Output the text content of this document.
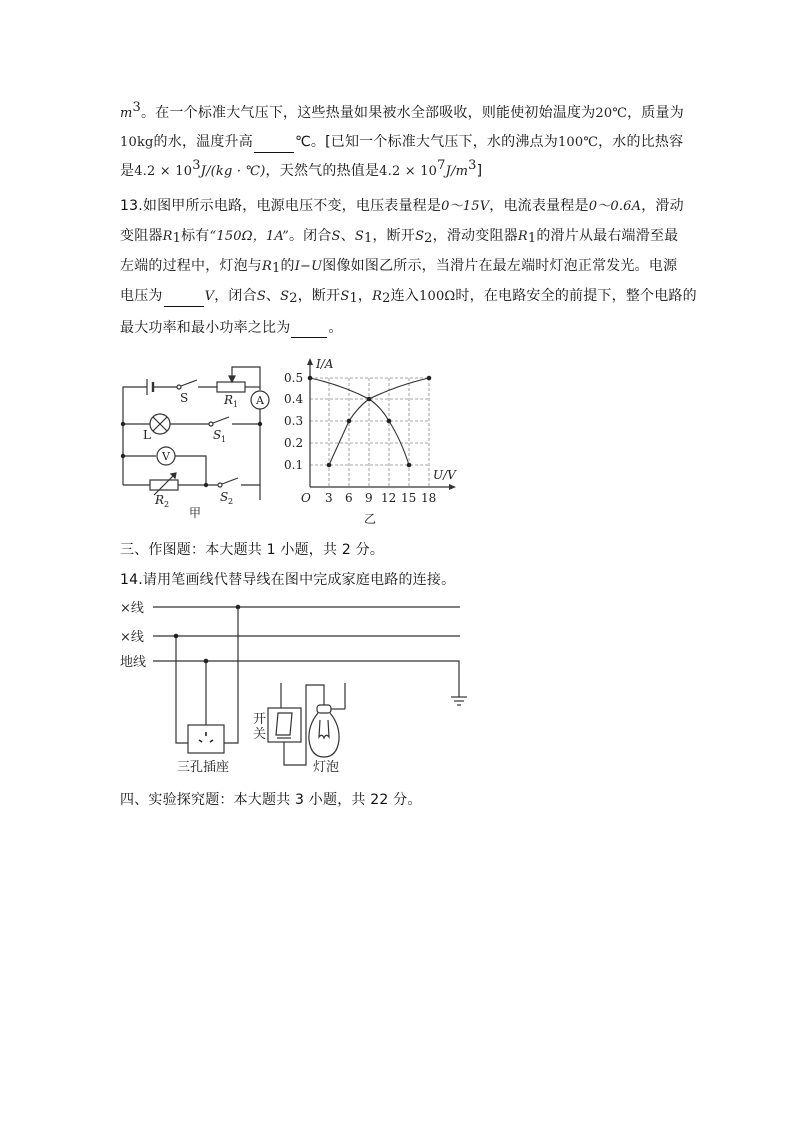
$m^3$。在一个标准大气压下，这些热量如果被水全部吸收，则能使初始温度为20℃，质量为
10kg的水，温度升高	℃。[已知一个标准大气压下，水的沸点为100℃，水的比热容
是$4.2 \times 10^3J/(kg$ · ℃)，天然气的热值是$4.2 \times 10^7J/m^3$]
13.如图甲所示电路，电源电压不变，电压表量程是0～15V，电流表量程是0～0.6A，滑动
变阻器$R_1$标有“150Ω，1A”。闭合S、$S_1$，断开$S_2$，滑动变阻器$R_1$的滑片从最右端滑至最
左端的过程中，灯泡与$R_1$的I−U图像如图乙所示，当滑片在最左端时灯泡正常发光。电源
电压为	V，闭合S、$S_2$，断开$S_1$，$R_2$连入100Ω时，在电路安全的前提下，整个电路的
最大功率和最小功率之比为	。
S	R 1 A
L	S 1
V
R 2
S 2
甲
I/A
0.5
0.4
0.3
0.2
0.1
U/V
O 3 6 9 12 15 18
乙
三、作图题：本大题共 1 小题，共 2 分。
14.请用笔画线代替导线在图中完成家庭电路的连接。
×线
×线
地线
三孔插座
开
关
灯泡
四、实验探究题：本大题共 3 小题，共 22 分。
